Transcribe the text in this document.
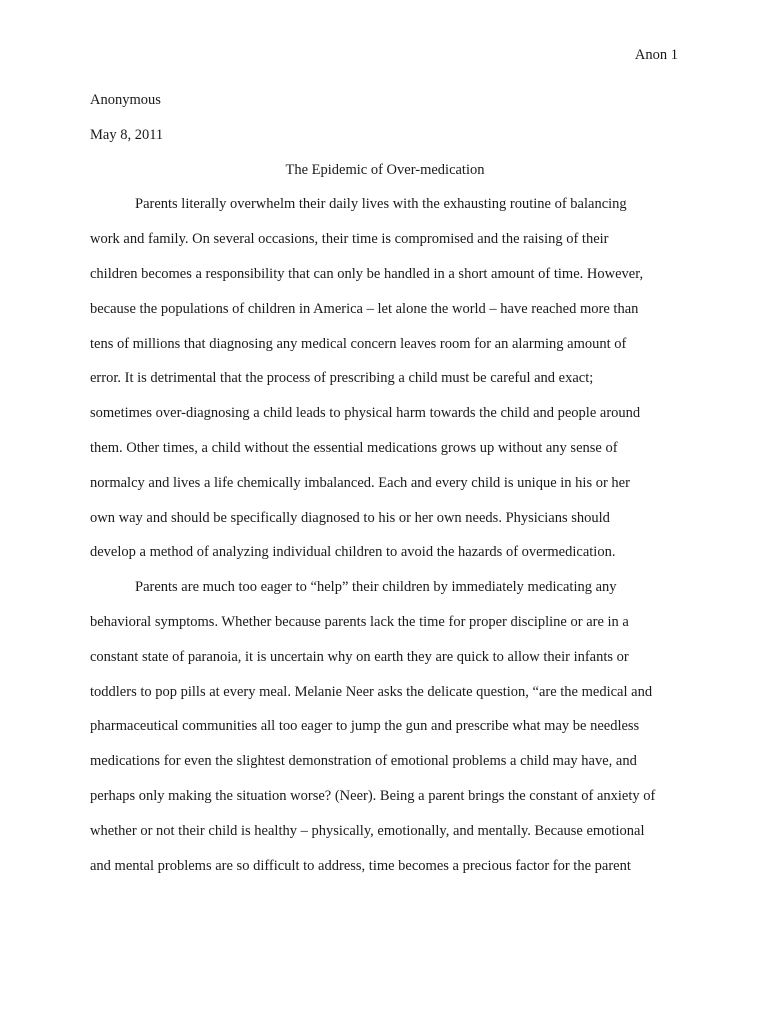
Anon 1
Anonymous
May 8, 2011
The Epidemic of Over-medication
Parents literally overwhelm their daily lives with the exhausting routine of balancing
work and family. On several occasions, their time is compromised and the raising of their
children becomes a responsibility that can only be handled in a short amount of time. However,
because the populations of children in America – let alone the world – have reached more than
tens of millions that diagnosing any medical concern leaves room for an alarming amount of
error. It is detrimental that the process of prescribing a child must be careful and exact;
sometimes over-diagnosing a child leads to physical harm towards the child and people around
them. Other times, a child without the essential medications grows up without any sense of
normalcy and lives a life chemically imbalanced. Each and every child is unique in his or her
own way and should be specifically diagnosed to his or her own needs. Physicians should
develop a method of analyzing individual children to avoid the hazards of overmedication.
Parents are much too eager to “help” their children by immediately medicating any
behavioral symptoms. Whether because parents lack the time for proper discipline or are in a
constant state of paranoia, it is uncertain why on earth they are quick to allow their infants or
toddlers to pop pills at every meal. Melanie Neer asks the delicate question, “are the medical and
pharmaceutical communities all too eager to jump the gun and prescribe what may be needless
medications for even the slightest demonstration of emotional problems a child may have, and
perhaps only making the situation worse? (Neer). Being a parent brings the constant of anxiety of
whether or not their child is healthy – physically, emotionally, and mentally. Because emotional
and mental problems are so difficult to address, time becomes a precious factor for the parent
